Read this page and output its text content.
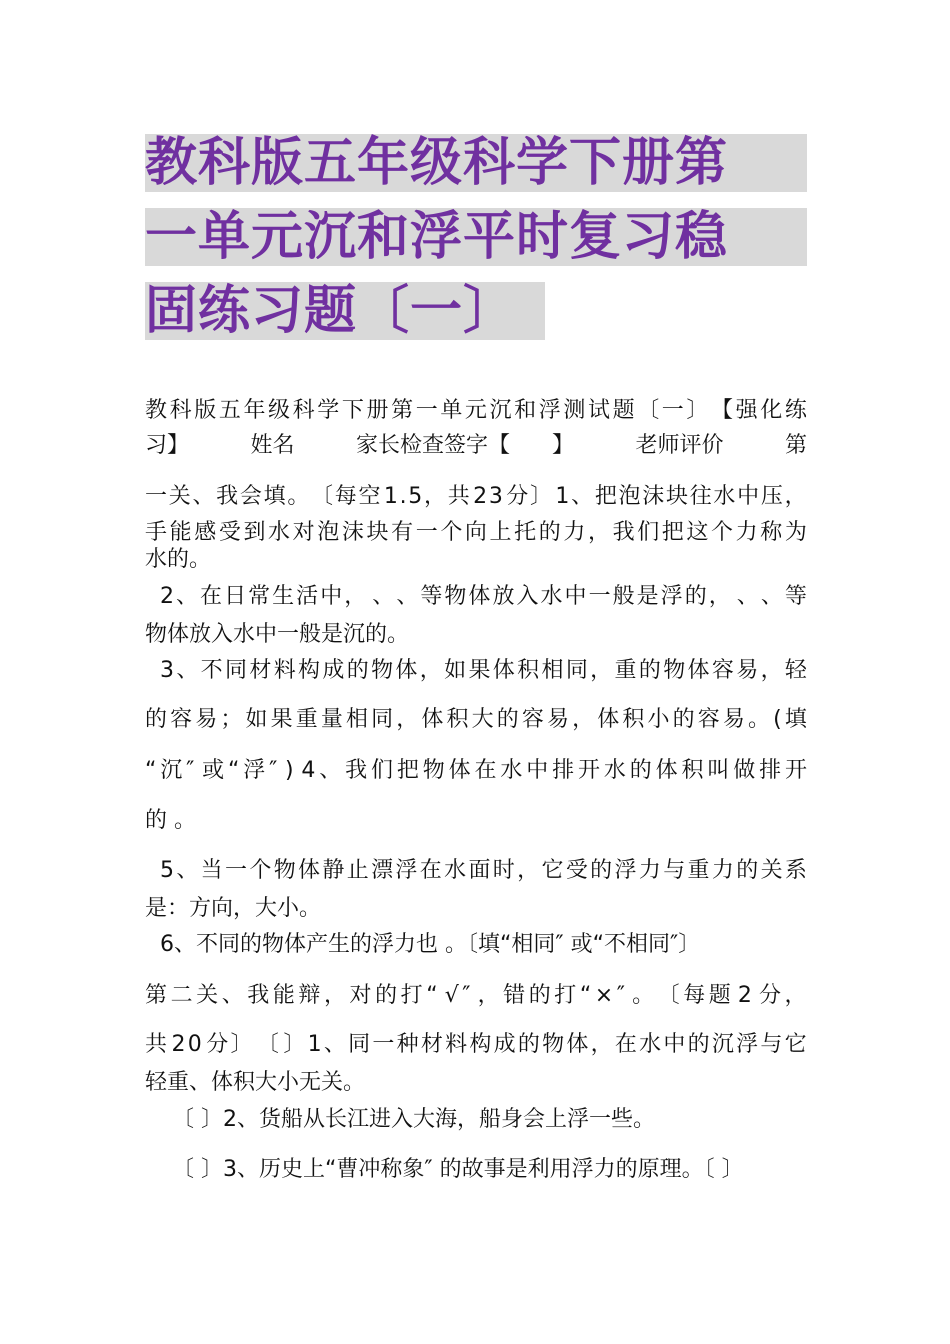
教科版五年级科学下册第
一单元沉和浮平时复习稳
固练习题〔一〕
教 科 版 五 年 级 科 学 下 册 第 一 单 元 沉 和 浮 测 试 题 〔 一 〕 【 强 化 练
习】	姓名	家长检查签字【 】	老师评价	第
一 关 、 我 会 填 。 〔 每 空 1 . 5 ， 共 2 3 分 〕 1 、 把 泡 沫 块 往 水 中 压 ，
手 能 感 受 到 水 对 泡 沫 块 有 一 个 向 上 托 的 力 ， 我 们 把 这 个 力 称 为
水的。
2 、 在 日 常 生 活 中 ， 、 、 等 物 体 放 入 水 中 一 般 是 浮 的 ， 、 、 等
物体放入水中一般是沉的。
3 、 不 同 材 料 构 成 的 物 体 ， 如 果 体 积 相 同 ， 重 的 物 体 容 易 ， 轻
的 容 易 ； 如 果 重 量 相 同 ， 体 积 大 的 容 易 ， 体 积 小 的 容 易 。 ( 填
“ 沉 ″ 或 “ 浮 ″ ) 4 、 我 们 把 物 体 在 水 中 排 开 水 的 体 积 叫 做 排 开
的 。
5 、 当 一 个 物 体 静 止 漂 浮 在 水 面 时 ， 它 受 的 浮 力 与 重 力 的 关 系
是：方向，大小。
6、不同的物体产生的浮力也 。〔填“相同″ 或“不相同″〕
第 二 关 、 我 能 辩 ， 对 的 打 “ √ ″ ， 错 的 打 “ × ″ 。 〔 每 题 2 分 ，
共 2 0 分 〕 〔 〕 1 、 同 一 种 材 料 构 成 的 物 体 ， 在 水 中 的 沉 浮 与 它
轻重、体积大小无关。
〔 〕2、货船从长江进入大海，船身会上浮一些。
〔 〕3、历史上“曹冲称象″ 的故事是利用浮力的原理。〔 〕
